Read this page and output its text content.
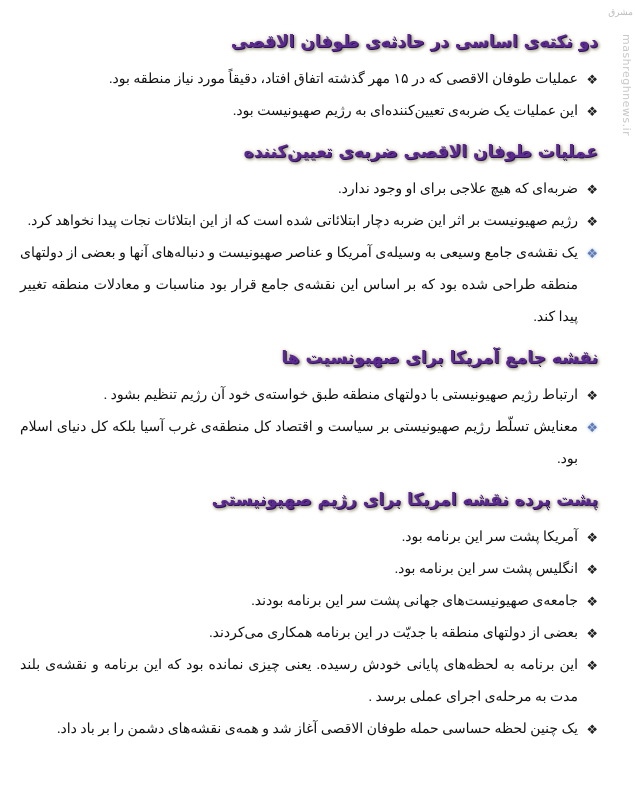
مشرق
mashreghnews.ir
دو نکته‌ی اساسی در حادثه‌ی طوفان الاقصی
❖
عملیات طوفان الاقصی که در ۱۵ مهر گذشته اتفاق افتاد، دقیقاً مورد نیاز منطقه بود.
❖
این عملیات یک ضربه‌ی تعیین‌کننده‌ای به رژیم صهیونیست بود.
عملیات طوفان الاقصی ضربه‌ی تعیین‌کننده
❖
ضربه‌ای که هیچ علاجی برای او وجود ندارد.
❖
رژیم صهیونیست بر اثر این ضربه دچار ابتلائاتی شده است که از این ابتلائات نجات پیدا نخواهد کرد.
❖
یک نقشه‌ی جامع وسیعی به وسیله‌ی آمریکا و عناصر صهیونیست و دنباله‌های آنها و بعضی از دولتهای منطقه طراحی شده بود که بر اساس این نقشه‌ی جامع قرار بود مناسبات و معادلات منطقه تغییر پیدا کند.
نقشه جامع آمریکا برای صهیونسیت ها
❖
ارتباط رژیم صهیونیستی با دولتهای منطقه طبق خواسته‌ی خود آن رژیم تنظیم بشود .
❖
معنایش تسلّط رژیم صهیونیستی بر سیاست و اقتصاد کل منطقه‌ی غرب آسیا بلکه کل دنیای اسلام بود.
پشت پرده نقشه امریکا برای رژیم صهیونیستی
❖
آمریکا پشت سر این برنامه بود.
❖
انگلیس پشت سر این برنامه بود.
❖
جامعه‌ی صهیونیست‌های جهانی پشت سر این برنامه بودند.
❖
بعضی از دولتهای منطقه با جدیّت در این برنامه همکاری می‌کردند.
❖
این برنامه به لحظه‌های پایانی خودش رسیده. یعنی چیزی نمانده بود که این برنامه و نقشه‌ی بلند مدت به مرحله‌ی اجرای عملی برسد .
❖
یک چنین لحظه حساسی حمله طوفان الاقصی آغاز شد و همه‌ی نقشه‌های دشمن را بر باد داد.
